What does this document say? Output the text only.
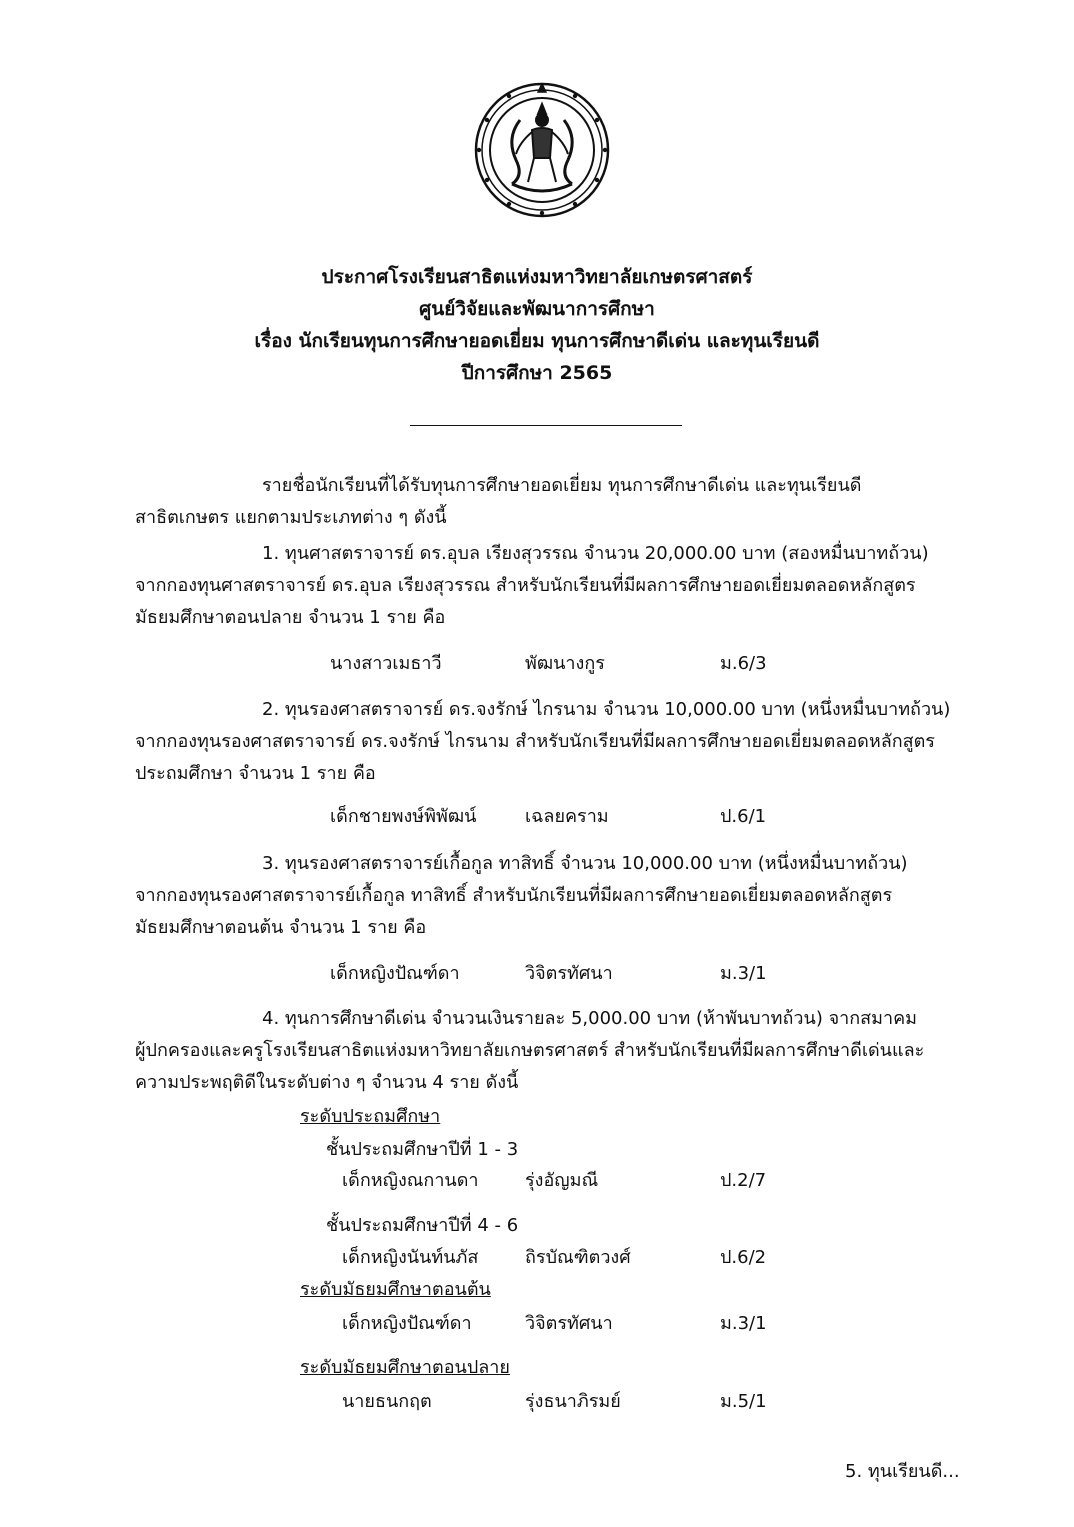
ประกาศโรงเรียนสาธิตแห่งมหาวิทยาลัยเกษตรศาสตร์
ศูนย์วิจัยและพัฒนาการศึกษา
เรื่อง นักเรียนทุนการศึกษายอดเยี่ยม ทุนการศึกษาดีเด่น และทุนเรียนดี
ปีการศึกษา 2565
รายชื่อนักเรียนที่ได้รับทุนการศึกษายอดเยี่ยม ทุนการศึกษาดีเด่น และทุนเรียนดี
สาธิตเกษตร แยกตามประเภทต่าง ๆ ดังนี้
1. ทุนศาสตราจารย์ ดร.อุบล เรียงสุวรรณ จำนวน 20,000.00 บาท (สองหมื่นบาทถ้วน)
จากกองทุนศาสตราจารย์ ดร.อุบล เรียงสุวรรณ สำหรับนักเรียนที่มีผลการศึกษายอดเยี่ยมตลอดหลักสูตร
มัธยมศึกษาตอนปลาย จำนวน 1 ราย คือ
นางสาวเมธาวี	พัฒนางกูร	ม.6/3
2. ทุนรองศาสตราจารย์ ดร.จงรักษ์ ไกรนาม จำนวน 10,000.00 บาท (หนึ่งหมื่นบาทถ้วน)
จากกองทุนรองศาสตราจารย์ ดร.จงรักษ์ ไกรนาม สำหรับนักเรียนที่มีผลการศึกษายอดเยี่ยมตลอดหลักสูตร
ประถมศึกษา จำนวน 1 ราย คือ
เด็กชายพงษ์พิพัฒน์	เฉลยคราม	ป.6/1
3. ทุนรองศาสตราจารย์เกื้อกูล ทาสิทธิ์ จำนวน 10,000.00 บาท (หนึ่งหมื่นบาทถ้วน)
จากกองทุนรองศาสตราจารย์เกื้อกูล ทาสิทธิ์ สำหรับนักเรียนที่มีผลการศึกษายอดเยี่ยมตลอดหลักสูตร
มัธยมศึกษาตอนต้น จำนวน 1 ราย คือ
เด็กหญิงปัณฑ์ดา	วิจิตรทัศนา	ม.3/1
4. ทุนการศึกษาดีเด่น จำนวนเงินรายละ 5,000.00 บาท (ห้าพันบาทถ้วน) จากสมาคม
ผู้ปกครองและครูโรงเรียนสาธิตแห่งมหาวิทยาลัยเกษตรศาสตร์ สำหรับนักเรียนที่มีผลการศึกษาดีเด่นและ
ความประพฤติดีในระดับต่าง ๆ จำนวน 4 ราย ดังนี้
ระดับประถมศึกษา
ชั้นประถมศึกษาปีที่ 1 - 3
เด็กหญิงณกานดา	รุ่งอัญมณี	ป.2/7
ชั้นประถมศึกษาปีที่ 4 - 6
เด็กหญิงนันท์นภัส	ถิรบัณฑิตวงศ์	ป.6/2
ระดับมัธยมศึกษาตอนต้น
เด็กหญิงปัณฑ์ดา	วิจิตรทัศนา	ม.3/1
ระดับมัธยมศึกษาตอนปลาย
นายธนกฤต	รุ่งธนาภิรมย์	ม.5/1
5. ทุนเรียนดี...
